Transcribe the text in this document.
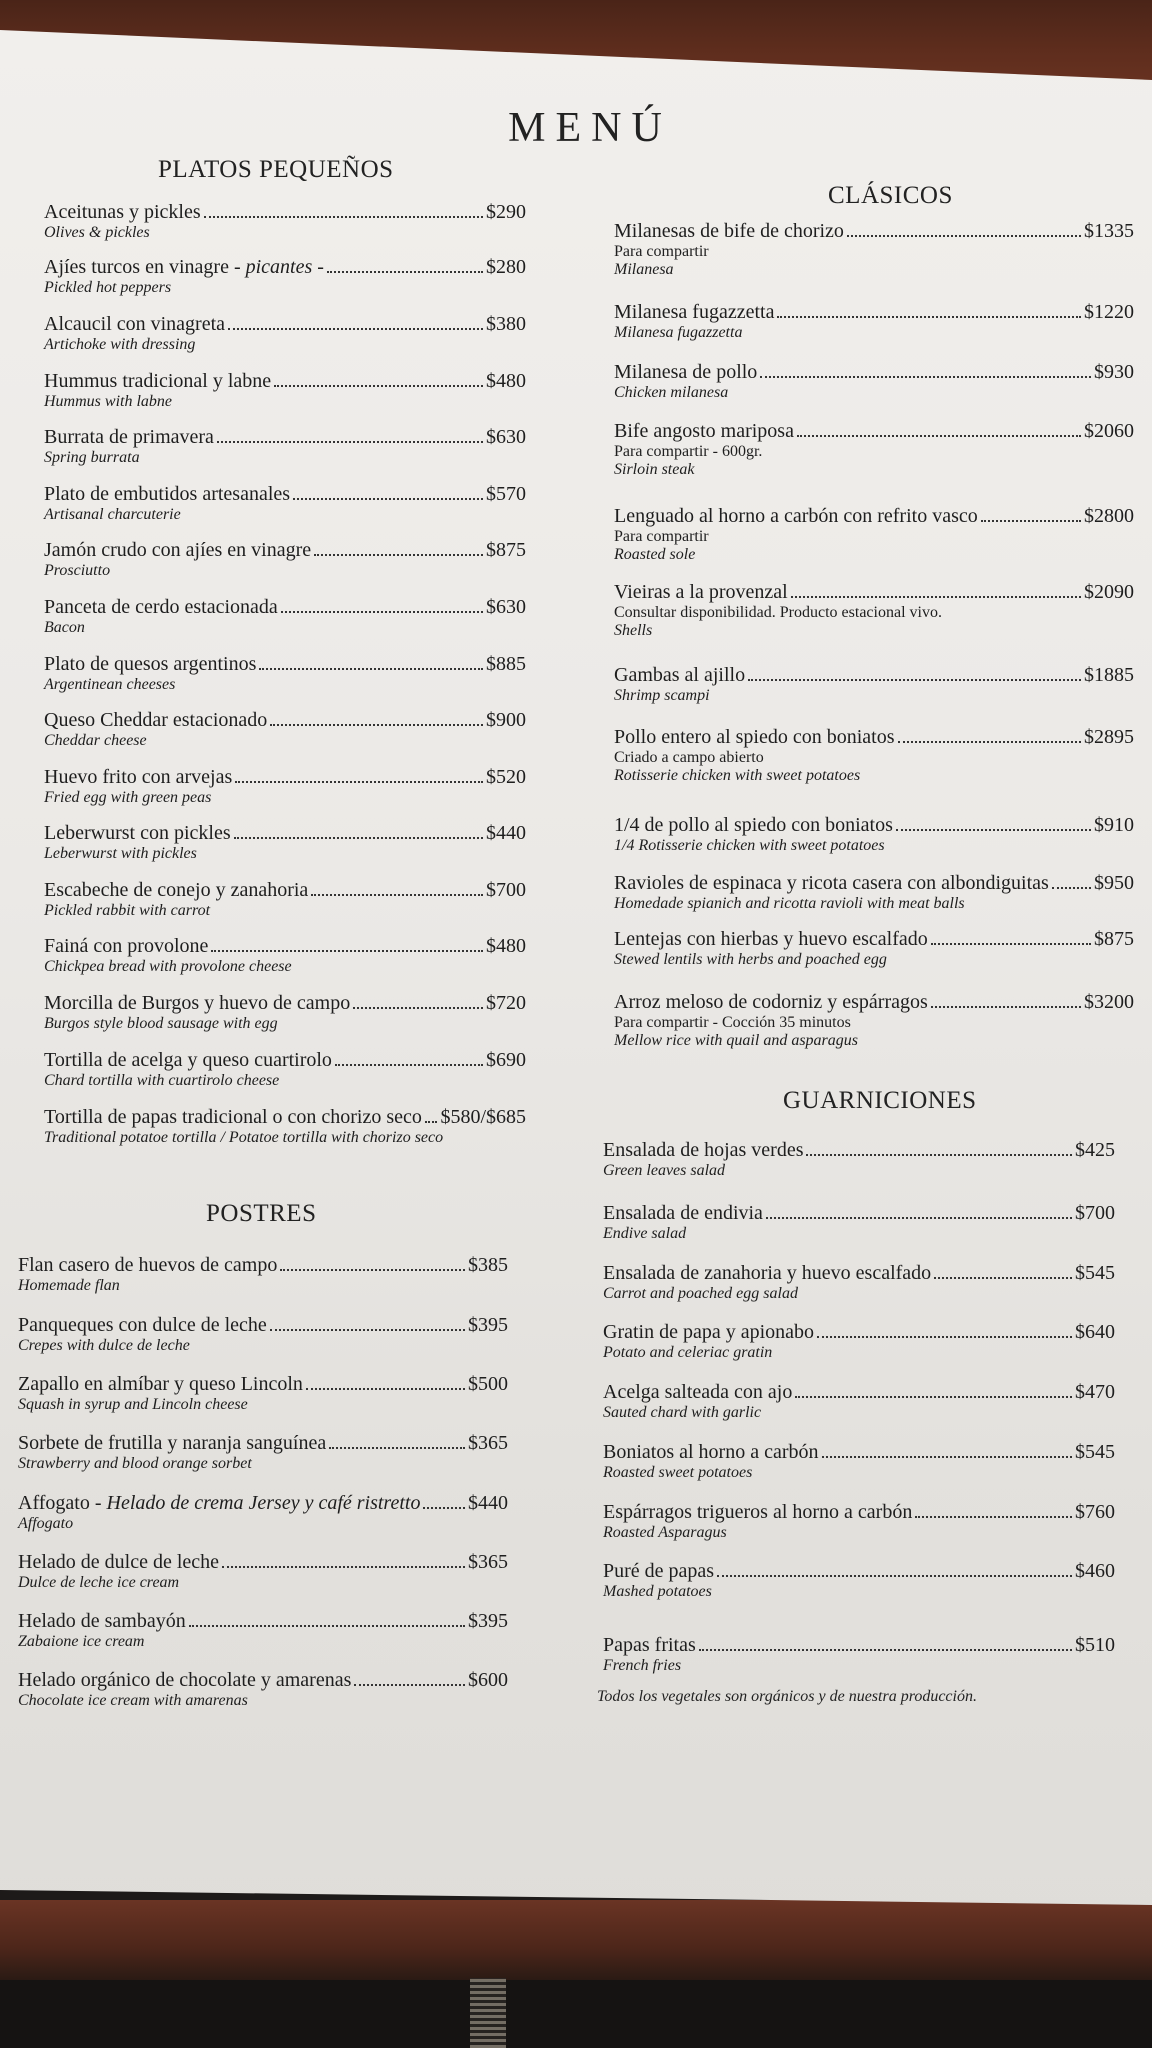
MENÚ
PLATOS PEQUEÑOS
POSTRES
CLÁSICOS
GUARNICIONES
Aceitunas y pickles	$290
Olives & pickles
Ajíes turcos en vinagre - picantes -	$280
Pickled hot peppers
Alcaucil con vinagreta	$380
Artichoke with dressing
Hummus tradicional y labne	$480
Hummus with labne
Burrata de primavera	$630
Spring burrata
Plato de embutidos artesanales	$570
Artisanal charcuterie
Jamón crudo con ajíes en vinagre	$875
Prosciutto
Panceta de cerdo estacionada	$630
Bacon
Plato de quesos argentinos	$885
Argentinean cheeses
Queso Cheddar estacionado	$900
Cheddar cheese
Huevo frito con arvejas	$520
Fried egg with green peas
Leberwurst con pickles	$440
Leberwurst with pickles
Escabeche de conejo y zanahoria	$700
Pickled rabbit with carrot
Fainá con provolone	$480
Chickpea bread with provolone cheese
Morcilla de Burgos y huevo de campo	$720
Burgos style blood sausage with egg
Tortilla de acelga y queso cuartirolo	$690
Chard tortilla with cuartirolo cheese
Tortilla de papas tradicional o con chorizo seco $580/$685
Traditional potatoe tortilla / Potatoe tortilla with chorizo seco
Flan casero de huevos de campo	$385
Homemade flan
Panqueques con dulce de leche	$395
Crepes with dulce de leche
Zapallo en almíbar y queso Lincoln	$500
Squash in syrup and Lincoln cheese
Sorbete de frutilla y naranja sanguínea	$365
Strawberry and blood orange sorbet
Affogato - Helado de crema Jersey y café ristretto $440
Affogato
Helado de dulce de leche	$365
Dulce de leche ice cream
Helado de sambayón	$395
Zabaione ice cream
Helado orgánico de chocolate y amarenas	$600
Chocolate ice cream with amarenas
Milanesas de bife de chorizo	$1335
Para compartir
Milanesa
Milanesa fugazzetta	$1220
Milanesa fugazzetta
Milanesa de pollo	$930
Chicken milanesa
Bife angosto mariposa	$2060
Para compartir - 600gr.
Sirloin steak
Lenguado al horno a carbón con refrito vasco	$2800
Para compartir
Roasted sole
Vieiras a la provenzal	$2090
Consultar disponibilidad. Producto estacional vivo.
Shells
Gambas al ajillo	$1885
Shrimp scampi
Pollo entero al spiedo con boniatos	$2895
Criado a campo abierto
Rotisserie chicken with sweet potatoes
1/4 de pollo al spiedo con boniatos	$910
1/4 Rotisserie chicken with sweet potatoes
Ravioles de espinaca y ricota casera con albondiguitas $950
Homedade spianich and ricotta ravioli with meat balls
Lentejas con hierbas y huevo escalfado	$875
Stewed lentils with herbs and poached egg
Arroz meloso de codorniz y espárragos	$3200
Para compartir - Cocción 35 minutos
Mellow rice with quail and asparagus
Ensalada de hojas verdes	$425
Green leaves salad
Ensalada de endivia	$700
Endive salad
Ensalada de zanahoria y huevo escalfado	$545
Carrot and poached egg salad
Gratin de papa y apionabo	$640
Potato and celeriac gratin
Acelga salteada con ajo	$470
Sauted chard with garlic
Boniatos al horno a carbón	$545
Roasted sweet potatoes
Espárragos trigueros al horno a carbón	$760
Roasted Asparagus
Puré de papas	$460
Mashed potatoes
Papas fritas	$510
French fries
Todos los vegetales son orgánicos y de nuestra producción.
